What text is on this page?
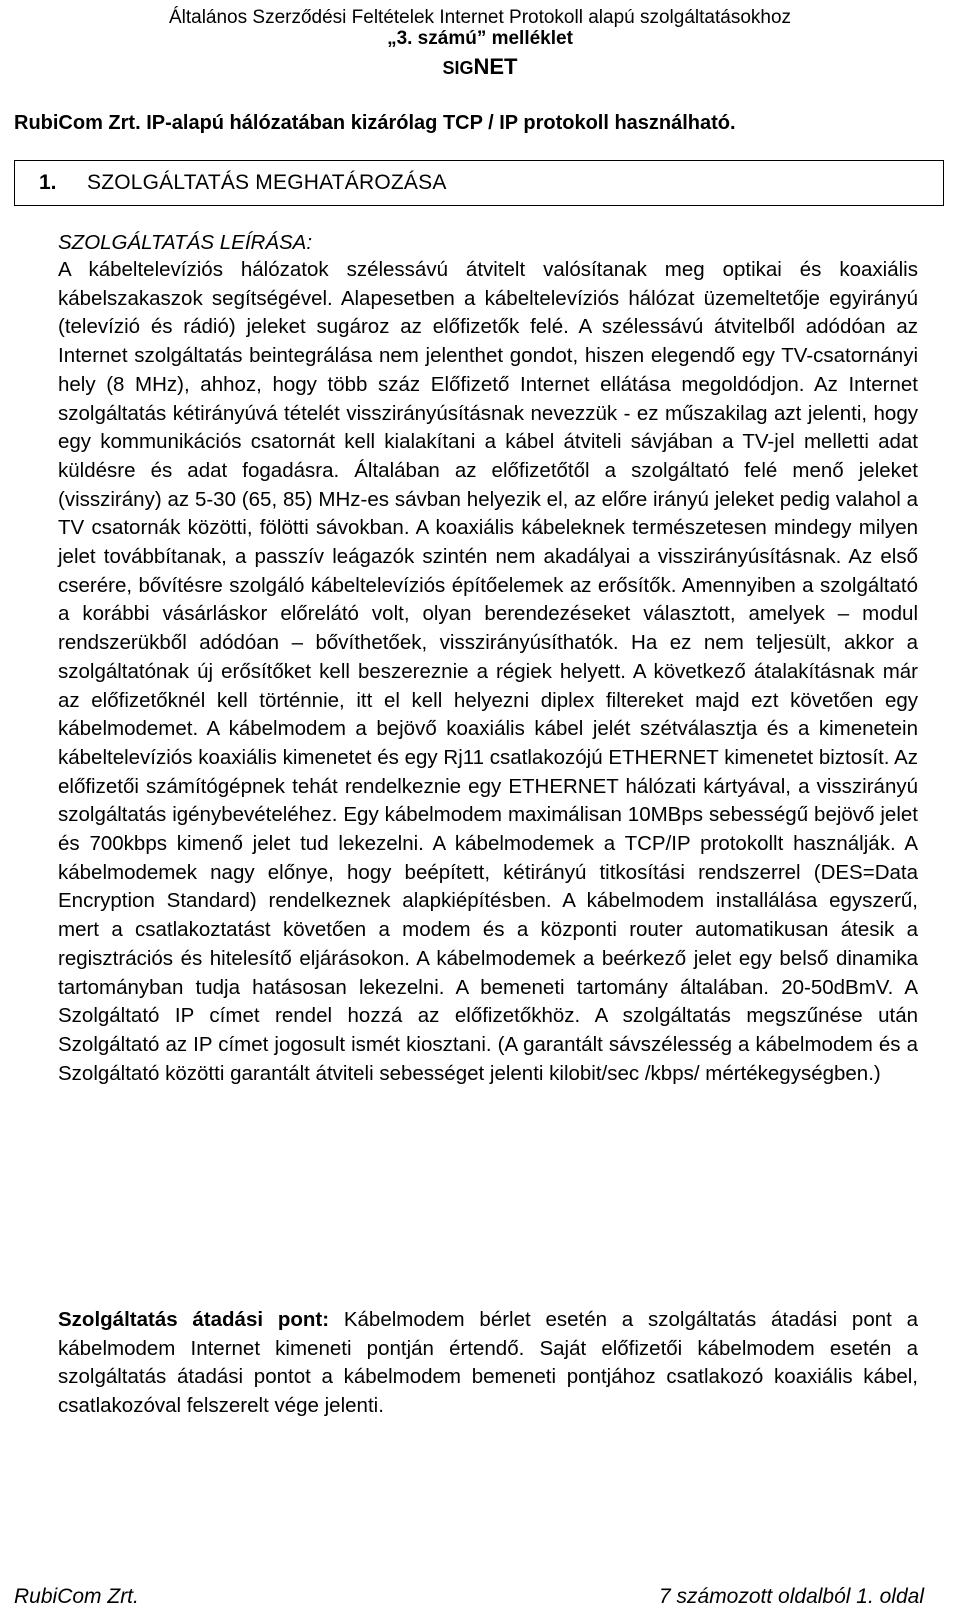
Általános Szerződési Feltételek Internet Protokoll alapú szolgáltatásokhoz
„3. számú” melléklet
SIGNET
RubiCom Zrt. IP-alapú hálózatában kizárólag TCP / IP protokoll használható.
1. SZOLGÁLTATÁS MEGHATÁROZÁSA
SZOLGÁLTATÁS LEÍRÁSA:

A kábeltelevíziós hálózatok szélessávú átvitelt valósítanak meg optikai és koaxiális kábelszakaszok segítségével. Alapesetben a kábeltelevíziós hálózat üzemeltetője egyirányú (televízió és rádió) jeleket sugároz az előfizetők felé. A szélessávú átvitelből adódóan az Internet szolgáltatás beintegrálása nem jelenthet gondot, hiszen elegendő egy TV-csatornányi hely (8 MHz), ahhoz, hogy több száz Előfizető Internet ellátása megoldódjon. Az Internet szolgáltatás kétirányúvá tételét visszirányúsításnak nevezzük - ez műszakilag azt jelenti, hogy egy kommunikációs csatornát kell kialakítani a kábel átviteli sávjában a TV-jel melletti adat küldésre és adat fogadásra. Általában az előfizetőtől a szolgáltató felé menő jeleket (visszirány) az 5-30 (65, 85) MHz-es sávban helyezik el, az előre irányú jeleket pedig valahol a TV csatornák közötti, fölötti sávokban. A koaxiális kábeleknek természetesen mindegy milyen jelet továbbítanak, a passzív leágazók szintén nem akadályai a visszirányúsításnak. Az első cserére, bővítésre szolgáló kábeltelevíziós építőelemek az erősítők. Amennyiben a szolgáltató a korábbi vásárláskor előrelátó volt, olyan berendezéseket választott, amelyek – modul rendszerükből adódóan – bővíthetőek, visszirányúsíthatók. Ha ez nem teljesült, akkor a szolgáltatónak új erősítőket kell beszereznie a régiek helyett. A következő átalakításnak már az előfizetőknél kell történnie, itt el kell helyezni diplex filtereket majd ezt követően egy kábelmodemet. A kábelmodem a bejövő koaxiális kábel jelét szétválasztja és a kimenetein kábeltelevíziós koaxiális kimenetet és egy Rj11 csatlakozójú ETHERNET kimenetet biztosít. Az előfizetői számítógépnek tehát rendelkeznie egy ETHERNET hálózati kártyával, a visszirányú szolgáltatás igénybevételéhez. Egy kábelmodem maximálisan 10MBps sebességű bejövő jelet és 700kbps kimenő jelet tud lekezelni. A kábelmodemek a TCP/IP protokollt használják. A kábelmodemek nagy előnye, hogy beépített, kétirányú titkosítási rendszerrel (DES=Data Encryption Standard) rendelkeznek alapkiépítésben. A kábelmodem installálása egyszerű, mert a csatlakoztatást követően a modem és a központi router automatikusan átesik a regisztrációs és hitelesítő eljárásokon. A kábelmodemek a beérkező jelet egy belső dinamika tartományban tudja hatásosan lekezelni. A bemeneti tartomány általában. 20-50dBmV. A Szolgáltató IP címet rendel hozzá az előfizetőkhöz. A szolgáltatás megszűnése után Szolgáltató az IP címet jogosult ismét kiosztani. (A garantált sávszélesség a kábelmodem és a Szolgáltató közötti garantált átviteli sebességet jelenti kilobit/sec /kbps/ mértékegységben.)

Szolgáltatás átadási pont: Kábelmodem bérlet esetén a szolgáltatás átadási pont a kábelmodem Internet kimeneti pontján értendő. Saját előfizetői kábelmodem esetén a szolgáltatás átadási pontot a kábelmodem bemeneti pontjához csatlakozó koaxiális kábel, csatlakozóval felszerelt vége jelenti.

RubiCom Zrt.	7 számozott oldalból 1. oldal
